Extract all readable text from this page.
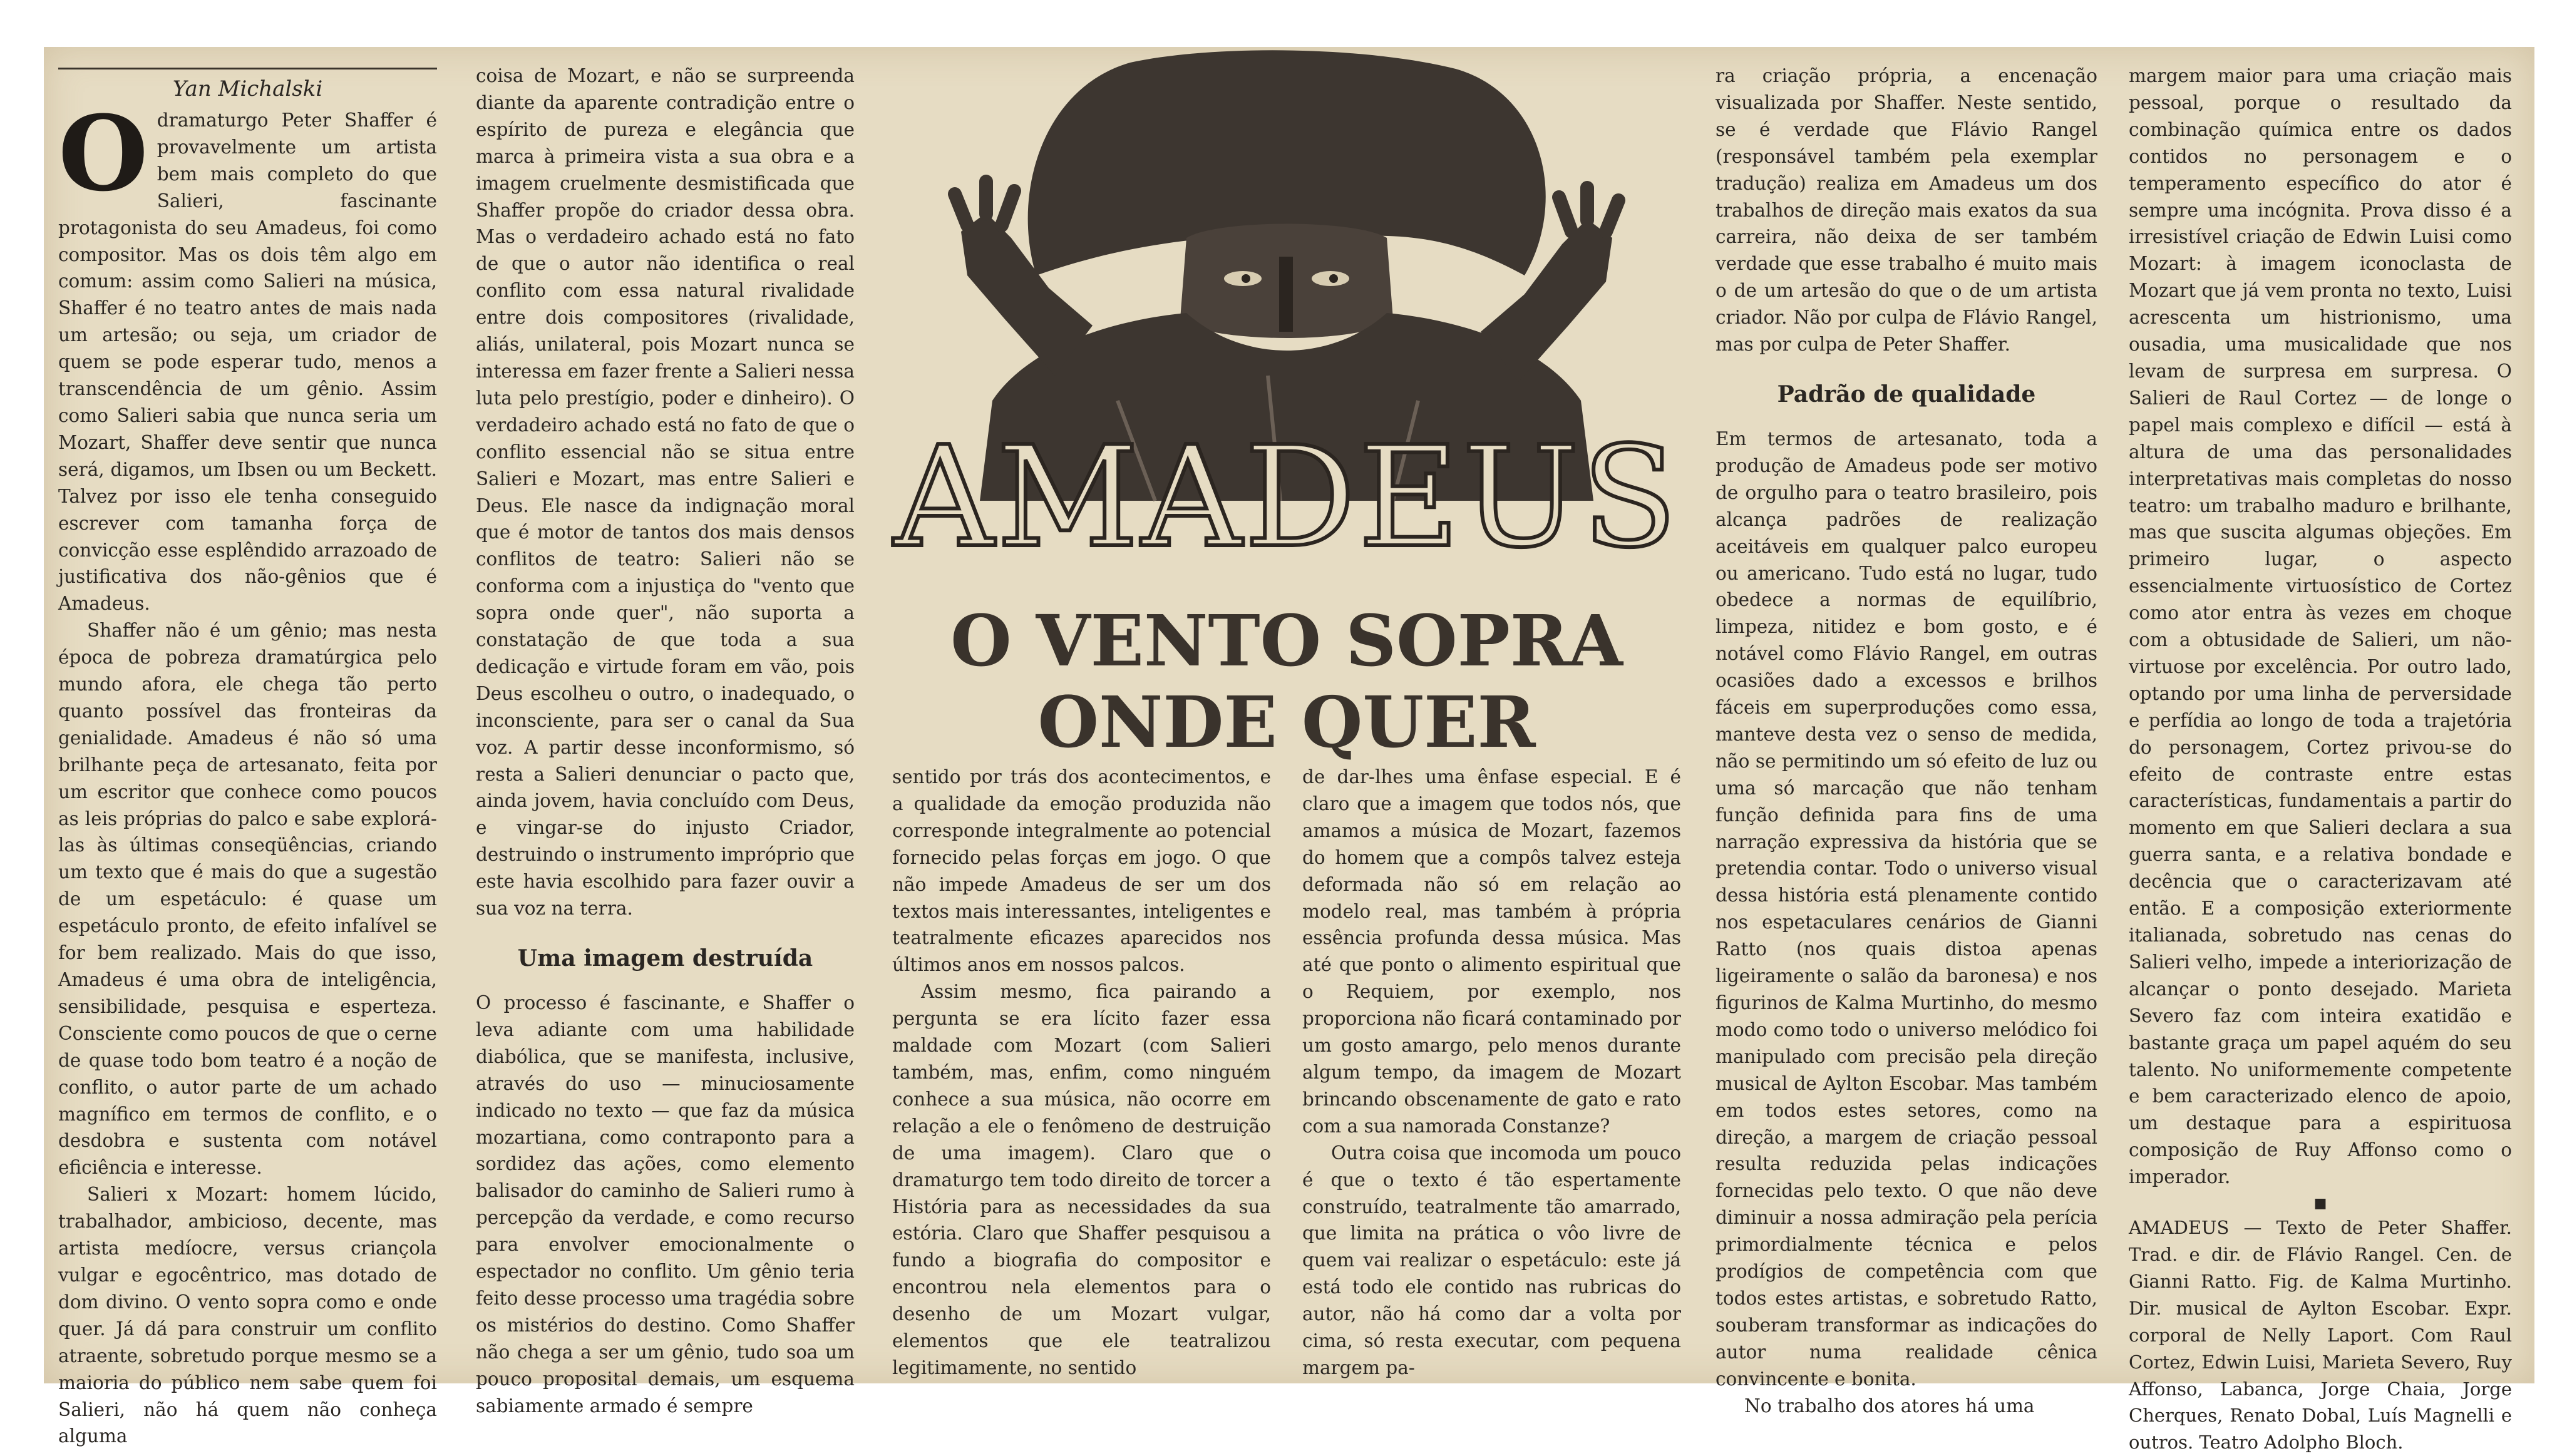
Yan Michalski

Odramaturgo Peter Shaffer é provavelmente um artista bem mais completo do que Salieri, fascinante protagonista do seu Amadeus, foi como compositor. Mas os dois têm algo em comum: assim como Salieri na música, Shaffer é no teatro antes de mais nada um artesão; ou seja, um criador de quem se pode esperar tudo, menos a transcendência de um gênio. Assim como Salieri sabia que nunca seria um Mozart, Shaffer deve sentir que nunca será, digamos, um Ibsen ou um Beckett. Talvez por isso ele tenha conseguido escrever com tamanha força de convicção esse esplêndido arrazoado de justificativa dos não-gênios que é Amadeus.

Shaffer não é um gênio; mas nesta época de pobreza dramatúrgica pelo mundo afora, ele chega tão perto quanto possível das fronteiras da genialidade. Amadeus é não só uma brilhante peça de artesanato, feita por um escritor que conhece como poucos as leis próprias do palco e sabe explorá-las às últimas conseqüências, criando um texto que é mais do que a sugestão de um espetáculo: é quase um espetáculo pronto, de efeito infalível se for bem realizado. Mais do que isso, Amadeus é uma obra de inteligência, sensibilidade, pesquisa e esperteza. Consciente como poucos de que o cerne de quase todo bom teatro é a noção de conflito, o autor parte de um achado magnífico em termos de conflito, e o desdobra e sustenta com notável eficiência e interesse.

Salieri x Mozart: homem lúcido, trabalhador, ambicioso, decente, mas artista medíocre, versus criançola vulgar e egocêntrico, mas dotado de dom divino. O vento sopra como e onde quer. Já dá para construir um conflito atraente, sobretudo porque mesmo se a maioria do público nem sabe quem foi Salieri, não há quem não conheça alguma

coisa de Mozart, e não se surpreenda diante da aparente contradição entre o espírito de pureza e elegância que marca à primeira vista a sua obra e a imagem cruelmente desmistificada que Shaffer propõe do criador dessa obra. Mas o verdadeiro achado está no fato de que o autor não identifica o real conflito com essa natural rivalidade entre dois compositores (rivalidade, aliás, unilateral, pois Mozart nunca se interessa em fazer frente a Salieri nessa luta pelo prestígio, poder e dinheiro). O verdadeiro achado está no fato de que o conflito essencial não se situa entre Salieri e Mozart, mas entre Salieri e Deus. Ele nasce da indignação moral que é motor de tantos dos mais densos conflitos de teatro: Salieri não se conforma com a injustiça do "vento que sopra onde quer", não suporta a constatação de que toda a sua dedicação e virtude foram em vão, pois Deus escolheu o outro, o inadequado, o inconsciente, para ser o canal da Sua voz. A partir desse inconformismo, só resta a Salieri denunciar o pacto que, ainda jovem, havia concluído com Deus, e vingar-se do injusto Criador, destruindo o instrumento impróprio que este havia escolhido para fazer ouvir a sua voz na terra.

Uma imagem destruída

O processo é fascinante, e Shaffer o leva adiante com uma habilidade diabólica, que se manifesta, inclusive, através do uso — minuciosamente indicado no texto — que faz da música mozartiana, como contraponto para a sordidez das ações, como elemento balisador do caminho de Salieri rumo à percepção da verdade, e como recurso para envolver emocionalmente o espectador no conflito. Um gênio teria feito desse processo uma tragédia sobre os mistérios do destino. Como Shaffer não chega a ser um gênio, tudo soa um pouco proposital demais, um esquema sabiamente armado é sempre

AMADEUS
O VENTO SOPRA
ONDE QUER

sentido por trás dos acontecimentos, e a qualidade da emoção produzida não corresponde integralmente ao potencial fornecido pelas forças em jogo. O que não impede Amadeus de ser um dos textos mais interessantes, inteligentes e teatralmente eficazes aparecidos nos últimos anos em nossos palcos.

Assim mesmo, fica pairando a pergunta se era lícito fazer essa maldade com Mozart (com Salieri também, mas, enfim, como ninguém conhece a sua música, não ocorre em relação a ele o fenômeno de destruição de uma imagem). Claro que o dramaturgo tem todo direito de torcer a História para as necessidades da sua estória. Claro que Shaffer pesquisou a fundo a biografia do compositor e encontrou nela elementos para o desenho de um Mozart vulgar, elementos que ele teatralizou legitimamente, no sentido

de dar-lhes uma ênfase especial. E é claro que a imagem que todos nós, que amamos a música de Mozart, fazemos do homem que a compôs talvez esteja deformada não só em relação ao modelo real, mas também à própria essência profunda dessa música. Mas até que ponto o alimento espiritual que o Requiem, por exemplo, nos proporciona não ficará contaminado por um gosto amargo, pelo menos durante algum tempo, da imagem de Mozart brincando obscenamente de gato e rato com a sua namorada Constanze?

Outra coisa que incomoda um pouco é que o texto é tão espertamente construído, teatralmente tão amarrado, que limita na prática o vôo livre de quem vai realizar o espetáculo: este já está todo ele contido nas rubricas do autor, não há como dar a volta por cima, só resta executar, com pequena margem pa-

ra criação própria, a encenação visualizada por Shaffer. Neste sentido, se é verdade que Flávio Rangel (responsável também pela exemplar tradução) realiza em Amadeus um dos trabalhos de direção mais exatos da sua carreira, não deixa de ser também verdade que esse trabalho é muito mais o de um artesão do que o de um artista criador. Não por culpa de Flávio Rangel, mas por culpa de Peter Shaffer.

Padrão de qualidade

Em termos de artesanato, toda a produção de Amadeus pode ser motivo de orgulho para o teatro brasileiro, pois alcança padrões de realização aceitáveis em qualquer palco europeu ou americano. Tudo está no lugar, tudo obedece a normas de equilíbrio, limpeza, nitidez e bom gosto, e é notável como Flávio Rangel, em outras ocasiões dado a excessos e brilhos fáceis em superproduções como essa, manteve desta vez o senso de medida, não se permitindo um só efeito de luz ou uma só marcação que não tenham função definida para fins de uma narração expressiva da história que se pretendia contar. Todo o universo visual dessa história está plenamente contido nos espetaculares cenários de Gianni Ratto (nos quais distoa apenas ligeiramente o salão da baronesa) e nos figurinos de Kalma Murtinho, do mesmo modo como todo o universo melódico foi manipulado com precisão pela direção musical de Aylton Escobar. Mas também em todos estes setores, como na direção, a margem de criação pessoal resulta reduzida pelas indicações fornecidas pelo texto. O que não deve diminuir a nossa admiração pela perícia primordialmente técnica e pelos prodígios de competência com que todos estes artistas, e sobretudo Ratto, souberam transformar as indicações do autor numa realidade cênica convincente e bonita.

No trabalho dos atores há uma

margem maior para uma criação mais pessoal, porque o resultado da combinação química entre os dados contidos no personagem e o temperamento específico do ator é sempre uma incógnita. Prova disso é a irresistível criação de Edwin Luisi como Mozart: à imagem iconoclasta de Mozart que já vem pronta no texto, Luisi acrescenta um histrionismo, uma ousadia, uma musicalidade que nos levam de surpresa em surpresa. O Salieri de Raul Cortez — de longe o papel mais complexo e difícil — está à altura de uma das personalidades interpretativas mais completas do nosso teatro: um trabalho maduro e brilhante, mas que suscita algumas objeções. Em primeiro lugar, o aspecto essencialmente virtuosístico de Cortez como ator entra às vezes em choque com a obtusidade de Salieri, um não-virtuose por excelência. Por outro lado, optando por uma linha de perversidade e perfídia ao longo de toda a trajetória do personagem, Cortez privou-se do efeito de contraste entre estas características, fundamentais a partir do momento em que Salieri declara a sua guerra santa, e a relativa bondade e decência que o caracterizavam até então. E a composição exteriormente italianada, sobretudo nas cenas do Salieri velho, impede a interiorização de alcançar o ponto desejado. Marieta Severo faz com inteira exatidão e bastante graça um papel aquém do seu talento. No uniformemente competente e bem caracterizado elenco de apoio, um destaque para a espirituosa composição de Ruy Affonso como o imperador.

■

AMADEUS — Texto de Peter Shaffer. Trad. e dir. de Flávio Rangel. Cen. de Gianni Ratto. Fig. de Kalma Murtinho. Dir. musical de Aylton Escobar. Expr. corporal de Nelly Laport. Com Raul Cortez, Edwin Luisi, Marieta Severo, Ruy Affonso, Labanca, Jorge Chaia, Jorge Cherques, Renato Dobal, Luís Magnelli e outros. Teatro Adolpho Bloch.
